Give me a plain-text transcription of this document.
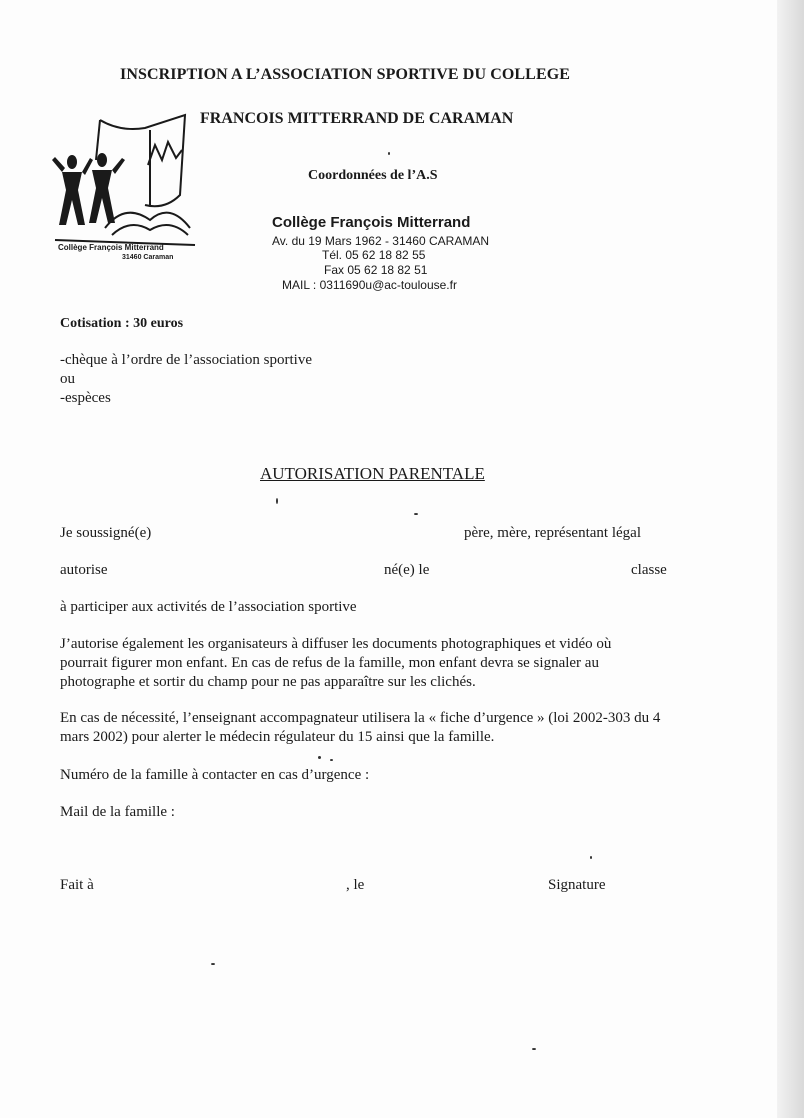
INSCRIPTION A L’ASSOCIATION SPORTIVE DU COLLEGE
FRANCOIS MITTERRAND DE CARAMAN
Collège François Mitterrand
31460 Caraman
Coordonnées de l’A.S
Collège François Mitterrand
Av. du 19 Mars 1962 - 31460 CARAMAN
Tél. 05 62 18 82 55
Fax 05 62 18 82 51
MAIL : 0311690u@ac-toulouse.fr
Cotisation : 30 euros
-chèque à l’ordre de l’association sportive
ou
-espèces
AUTORISATION PARENTALE
Je soussigné(e)	père, mère, représentant légal
autorise	né(e) le	classe
à participer aux activités de l’association sportive
J’autorise également les organisateurs à diffuser les documents photographiques et vidéo où
pourrait figurer mon enfant. En cas de refus de la famille, mon enfant devra se signaler au
photographe et sortir du champ pour ne pas apparaître sur les clichés.
En cas de nécessité, l’enseignant accompagnateur utilisera la « fiche d’urgence » (loi 2002-303 du 4
mars 2002) pour alerter le médecin régulateur du 15 ainsi que la famille.
Numéro de la famille à contacter en cas d’urgence :
Mail de la famille :
Fait à	, le	Signature
